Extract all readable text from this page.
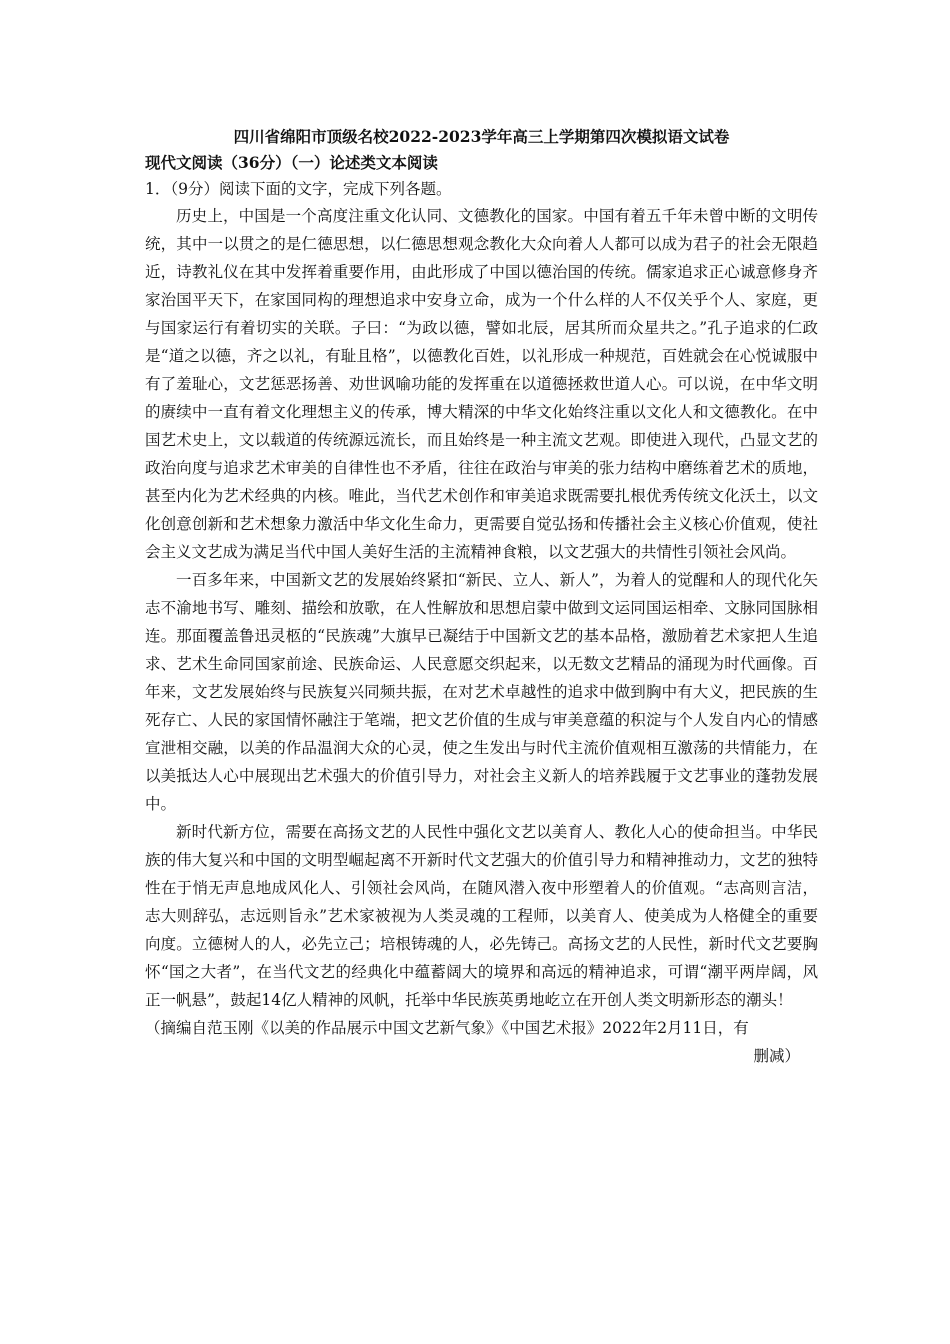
四川省绵阳市顶级名校2022-2023学年高三上学期第四次模拟语文试卷

现代文阅读（36分）（一）论述类文本阅读

1．（9分）阅读下面的文字，完成下列各题。

历史上，中国是一个高度注重文化认同、文德教化的国家。中国有着五千年未曾中断的文明传统，其中一以贯之的是仁德思想，以仁德思想观念教化大众向着人人都可以成为君子的社会无限趋近，诗教礼仪在其中发挥着重要作用，由此形成了中国以德治国的传统。儒家追求正心诚意修身齐家治国平天下，在家国同构的理想追求中安身立命，成为一个什么样的人不仅关乎个人、家庭，更与国家运行有着切实的关联。子曰：“为政以德，譬如北辰，居其所而众星共之。”孔子追求的仁政是“道之以德，齐之以礼，有耻且格”，以德教化百姓，以礼形成一种规范，百姓就会在心悦诚服中有了羞耻心，文艺惩恶扬善、劝世讽喻功能的发挥重在以道德拯救世道人心。可以说，在中华文明的赓续中一直有着文化理想主义的传承，博大精深的中华文化始终注重以文化人和文德教化。在中国艺术史上，文以载道的传统源远流长，而且始终是一种主流文艺观。即使进入现代，凸显文艺的政治向度与追求艺术审美的自律性也不矛盾，往往在政治与审美的张力结构中磨练着艺术的质地，甚至内化为艺术经典的内核。唯此，当代艺术创作和审美追求既需要扎根优秀传统文化沃土，以文化创意创新和艺术想象力激活中华文化生命力，更需要自觉弘扬和传播社会主义核心价值观，使社会主义文艺成为满足当代中国人美好生活的主流精神食粮，以文艺强大的共情性引领社会风尚。

一百多年来，中国新文艺的发展始终紧扣“新民、立人、新人”，为着人的觉醒和人的现代化矢志不渝地书写、雕刻、描绘和放歌，在人性解放和思想启蒙中做到文运同国运相牵、文脉同国脉相连。那面覆盖鲁迅灵柩的“民族魂”大旗早已凝结于中国新文艺的基本品格，激励着艺术家把人生追求、艺术生命同国家前途、民族命运、人民意愿交织起来，以无数文艺精品的涌现为时代画像。百年来，文艺发展始终与民族复兴同频共振，在对艺术卓越性的追求中做到胸中有大义，把民族的生死存亡、人民的家国情怀融注于笔端，把文艺价值的生成与审美意蕴的积淀与个人发自内心的情感宣泄相交融，以美的作品温润大众的心灵，使之生发出与时代主流价值观相互激荡的共情能力，在以美抵达人心中展现出艺术强大的价值引导力，对社会主义新人的培养践履于文艺事业的蓬勃发展中。

新时代新方位，需要在高扬文艺的人民性中强化文艺以美育人、教化人心的使命担当。中华民族的伟大复兴和中国的文明型崛起离不开新时代文艺强大的价值引导力和精神推动力，文艺的独特性在于悄无声息地成风化人、引领社会风尚，在随风潜入夜中形塑着人的价值观。“志高则言洁，志大则辞弘，志远则旨永”艺术家被视为人类灵魂的工程师，以美育人、使美成为人格健全的重要向度。立德树人的人，必先立己；培根铸魂的人，必先铸己。高扬文艺的人民性，新时代文艺要胸怀“国之大者”，在当代文艺的经典化中蕴蓄阔大的境界和高远的精神追求，可谓“潮平两岸阔，风正一帆悬”，鼓起14亿人精神的风帆，托举中华民族英勇地屹立在开创人类文明新形态的潮头！

（摘编自范玉刚《以美的作品展示中国文艺新气象》《中国艺术报》2022年2月11日，有

删减）
